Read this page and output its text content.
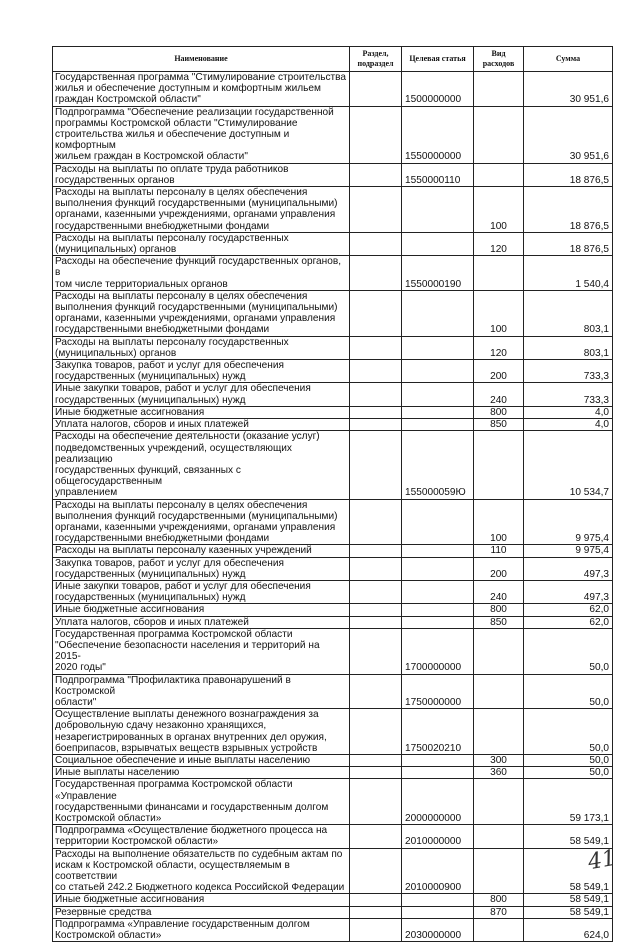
Наименование	Раздел, подраздел	Целевая статья	Вид расходов	Сумма
Государственная программа "Стимулирование строительства
жилья и обеспечение доступным и комфортным жильем
граждан Костромской области"		1500000000		30 951,6
Подпрограмма "Обеспечение реализации государственной
программы Костромской области "Стимулирование
строительства жилья и обеспечение доступным и комфортным
жильем граждан в Костромской области"		1550000000		30 951,6
Расходы на выплаты по оплате труда работников
государственных органов		1550000110		18 876,5
Расходы на выплаты персоналу в целях обеспечения
выполнения функций государственными (муниципальными)
органами, казенными учреждениями, органами управления
государственными внебюджетными фондами			100	18 876,5
Расходы на выплаты персоналу государственных
(муниципальных) органов			120	18 876,5
Расходы на обеспечение функций государственных органов, в
том числе территориальных органов		1550000190		1 540,4
Расходы на выплаты персоналу в целях обеспечения
выполнения функций государственными (муниципальными)
органами, казенными учреждениями, органами управления
государственными внебюджетными фондами			100	803,1
Расходы на выплаты персоналу государственных
(муниципальных) органов			120	803,1
Закупка товаров, работ и услуг для обеспечения
государственных (муниципальных) нужд			200	733,3
Иные закупки товаров, работ и услуг для обеспечения
государственных (муниципальных) нужд			240	733,3
Иные бюджетные ассигнования			800	4,0
Уплата налогов, сборов и иных платежей			850	4,0
Расходы на обеспечение деятельности (оказание услуг)
подведомственных учреждений, осуществляющих реализацию
государственных функций, связанных с общегосударственным
управлением		155000059Ю		10 534,7
Расходы на выплаты персоналу в целях обеспечения
выполнения функций государственными (муниципальными)
органами, казенными учреждениями, органами управления
государственными внебюджетными фондами			100	9 975,4
Расходы на выплаты персоналу казенных учреждений			110	9 975,4
Закупка товаров, работ и услуг для обеспечения
государственных (муниципальных) нужд			200	497,3
Иные закупки товаров, работ и услуг для обеспечения
государственных (муниципальных) нужд			240	497,3
Иные бюджетные ассигнования			800	62,0
Уплата налогов, сборов и иных платежей			850	62,0
Государственная программа Костромской области
"Обеспечение безопасности населения и территорий на 2015-
2020 годы"		1700000000		50,0
Подпрограмма "Профилактика правонарушений в Костромской
области"		1750000000		50,0
Осуществление выплаты денежного вознаграждения за
добровольную сдачу незаконно хранящихся,
незарегистрированных в органах внутренних дел оружия,
боеприпасов, взрывчатых веществ взрывных устройств		1750020210		50,0
Социальное обеспечение и иные выплаты населению			300	50,0
Иные выплаты населению			360	50,0
Государственная программа Костромской области «Управление
государственными финансами и государственным долгом
Костромской области»		2000000000		59 173,1
Подпрограмма «Осуществление бюджетного процесса на
территории Костромской области»		2010000000		58 549,1
Расходы на выполнение обязательств по судебным актам по
искам к Костромской области, осуществляемым в соответствии
со статьей 242.2 Бюджетного кодекса Российской Федерации		2010000900		58 549,1
Иные бюджетные ассигнования			800	58 549,1
Резервные средства			870	58 549,1
Подпрограмма «Управление государственным долгом
Костромской области»		2030000000		624,0
41
